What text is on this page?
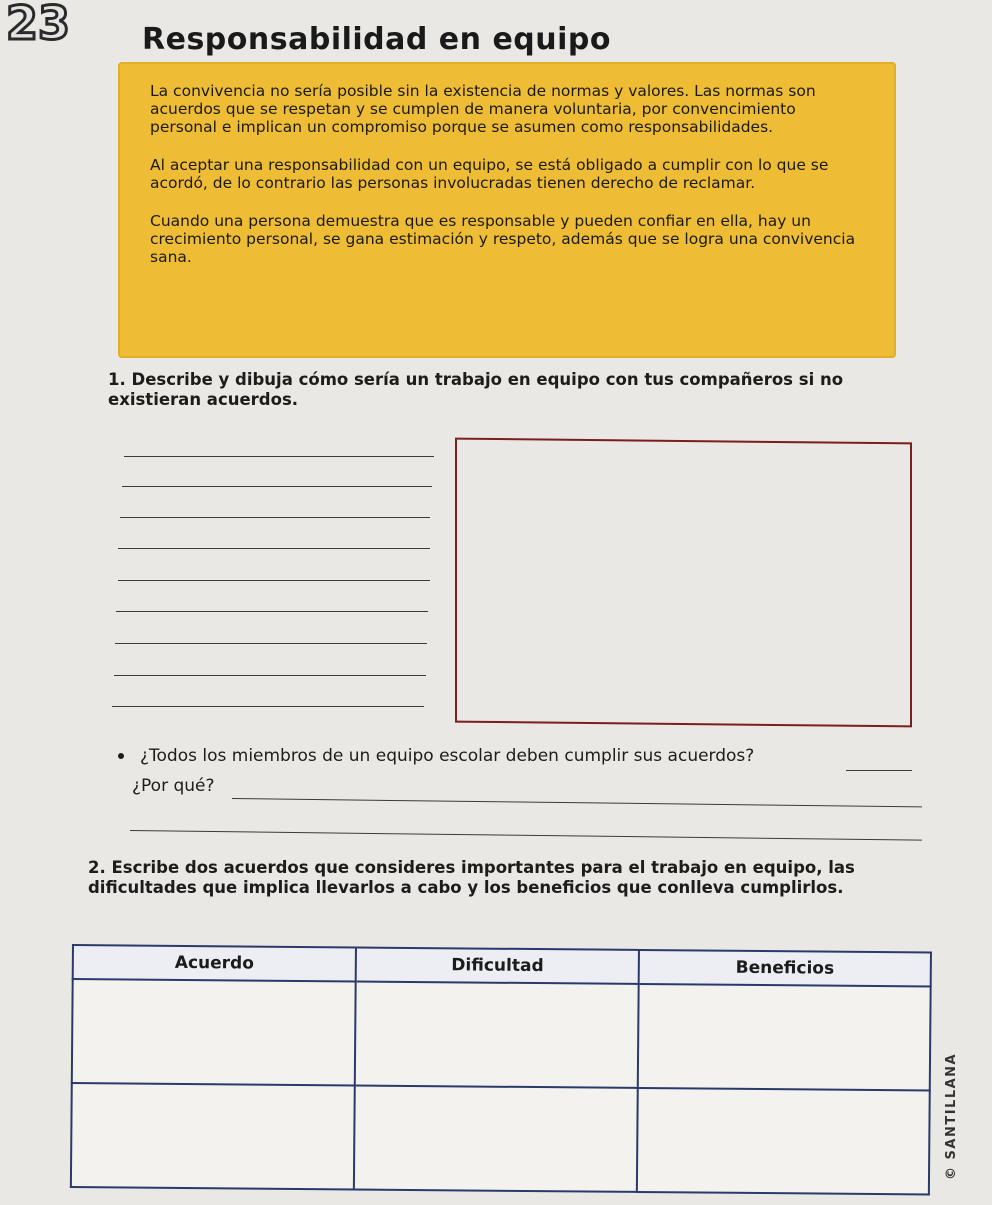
23 Responsabilidad en equipo

La convivencia no sería posible sin la existencia de normas y valores. Las normas son acuerdos que se respetan y se cumplen de manera voluntaria, por convencimiento personal e implican un compromiso porque se asumen como responsabilidades.

Al aceptar una responsabilidad con un equipo, se está obligado a cumplir con lo que se acordó, de lo contrario las personas involucradas tienen derecho de reclamar.

Cuando una persona demuestra que es responsable y pueden confiar en ella, hay un crecimiento personal, se gana estimación y respeto, además que se logra una convivencia sana.

1. Describe y dibuja cómo sería un trabajo en equipo con tus compañeros si no existieran acuerdos.
¿Todos los miembros de un equipo escolar deben cumplir sus acuerdos?
¿Por qué?
2. Escribe dos acuerdos que consideres importantes para el trabajo en equipo, las dificultades que implica llevarlos a cabo y los beneficios que conlleva cumplirlos.
Acuerdo	Dificultad	Beneficios

© SANTILLANA
